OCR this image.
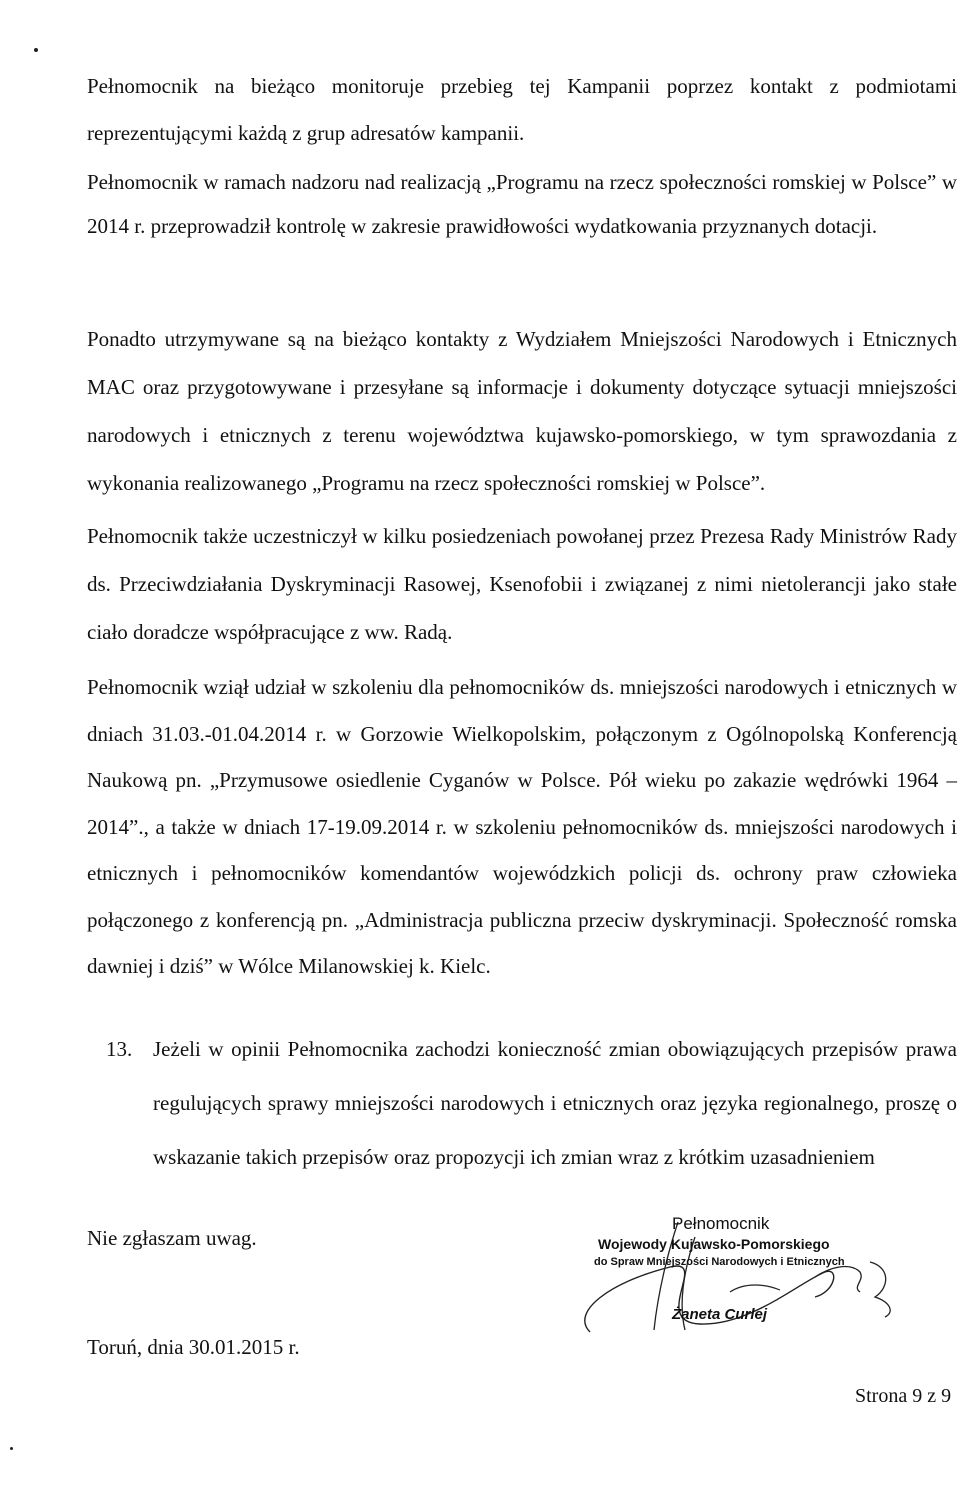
Pełnomocnik na bieżąco monitoruje przebieg tej Kampanii poprzez kontakt z podmiotami reprezentującymi każdą z grup adresatów kampanii.

Pełnomocnik w ramach nadzoru nad realizacją „Programu na rzecz społeczności romskiej w Polsce” w 2014 r. przeprowadził kontrolę w zakresie prawidłowości wydatkowania przyznanych dotacji.

Ponadto utrzymywane są na bieżąco kontakty z Wydziałem Mniejszości Narodowych i Etnicznych MAC oraz przygotowywane i przesyłane są informacje i dokumenty dotyczące sytuacji mniejszości narodowych i etnicznych z terenu województwa kujawsko-pomorskiego, w tym sprawozdania z wykonania realizowanego „Programu na rzecz społeczności romskiej w Polsce”.

Pełnomocnik także uczestniczył w kilku posiedzeniach powołanej przez Prezesa Rady Ministrów Rady ds. Przeciwdziałania Dyskryminacji Rasowej, Ksenofobii i związanej z nimi nietolerancji jako stałe ciało doradcze współpracujące z ww. Radą.

Pełnomocnik wziął udział w szkoleniu dla pełnomocników ds. mniejszości narodowych i etnicznych w dniach 31.03.-01.04.2014 r. w Gorzowie Wielkopolskim, połączonym z Ogólnopolską Konferencją Naukową pn. „Przymusowe osiedlenie Cyganów w Polsce. Pół wieku po zakazie wędrówki 1964 – 2014”., a także w dniach 17-19.09.2014 r. w szkoleniu pełnomocników ds. mniejszości narodowych i etnicznych i pełnomocników komendantów wojewódzkich policji ds. ochrony praw człowieka połączonego z konferencją pn. „Administracja publiczna przeciw dyskryminacji. Społeczność romska dawniej i dziś” w Wólce Milanowskiej k. Kielc.

13. Jeżeli w opinii Pełnomocnika zachodzi konieczność zmian obowiązujących przepisów prawa regulujących sprawy mniejszości narodowych i etnicznych oraz języka regionalnego, proszę o wskazanie takich przepisów oraz propozycji ich zmian wraz z krótkim uzasadnieniem

Nie zgłaszam uwag.
Toruń, dnia 30.01.2015 r.
Pełnomocnik
Wojewody Kujawsko-Pomorskiego
do Spraw Mniejszości Narodowych i Etnicznych
Żaneta Curlej
Strona 9 z 9
